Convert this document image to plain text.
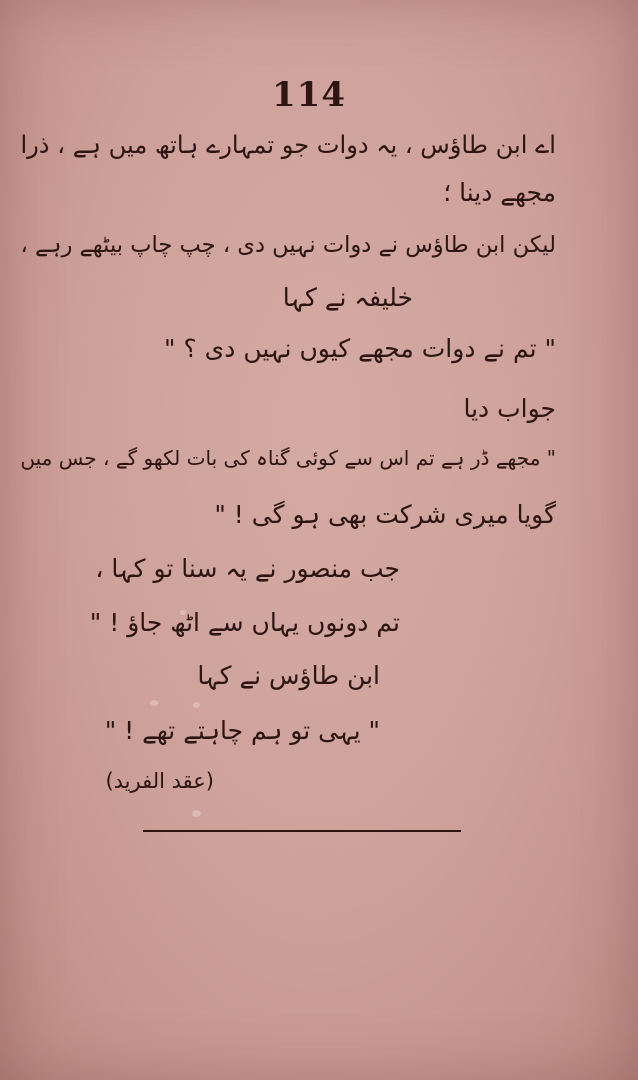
114
اے ابن طاؤس ، یہ دوات جو تمہارے ہاتھ میں ہے ، ذرا
مجھے دینا ؛
لیکن ابن طاؤس نے دوات نہیں دی ، چپ چاپ بیٹھے رہے ،
خلیفہ نے کہا
" تم نے دوات مجھے کیوں نہیں دی ؟ "
جواب دیا
" مجھے ڈر ہے تم اس سے کوئی گناہ کی بات لکھو گے ، جس میں
گویا میری شرکت بھی ہو گی ! "
جب منصور نے یہ سنا تو کہا ،
تم دونوں یہاں سے اٹھ جاؤ ! "
ابن طاؤس نے کہا
" یہی تو ہم چاہتے تھے ! "
(عقد الفرید)
